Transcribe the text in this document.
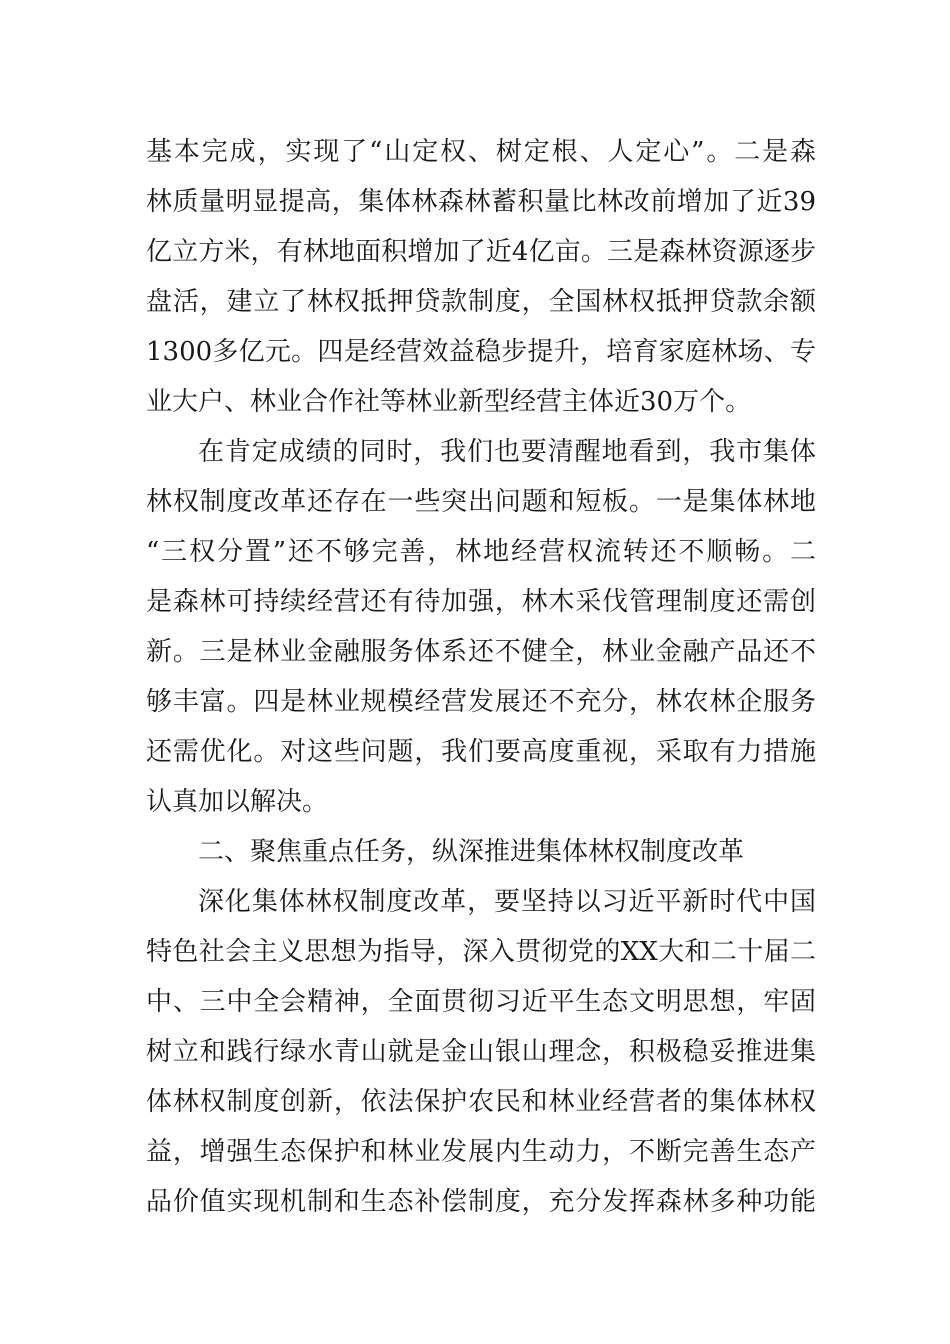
基本完成，实现了“山定权、树定根、人定心”。二是森
林质量明显提高，集体林森林蓄积量比林改前增加了近39
亿立方米，有林地面积增加了近4亿亩。三是森林资源逐步
盘活，建立了林权抵押贷款制度，全国林权抵押贷款余额
1300多亿元。四是经营效益稳步提升，培育家庭林场、专
业大户、林业合作社等林业新型经营主体近30万个。
在肯定成绩的同时，我们也要清醒地看到，我市集体
林权制度改革还存在一些突出问题和短板。一是集体林地
“三权分置”还不够完善，林地经营权流转还不顺畅。二
是森林可持续经营还有待加强，林木采伐管理制度还需创
新。三是林业金融服务体系还不健全，林业金融产品还不
够丰富。四是林业规模经营发展还不充分，林农林企服务
还需优化。对这些问题，我们要高度重视，采取有力措施
认真加以解决。
二、聚焦重点任务，纵深推进集体林权制度改革
深化集体林权制度改革，要坚持以习近平新时代中国
特色社会主义思想为指导，深入贯彻党的XX大和二十届二
中、三中全会精神，全面贯彻习近平生态文明思想，牢固
树立和践行绿水青山就是金山银山理念，积极稳妥推进集
体林权制度创新，依法保护农民和林业经营者的集体林权
益，增强生态保护和林业发展内生动力，不断完善生态产
品价值实现机制和生态补偿制度，充分发挥森林多种功能
